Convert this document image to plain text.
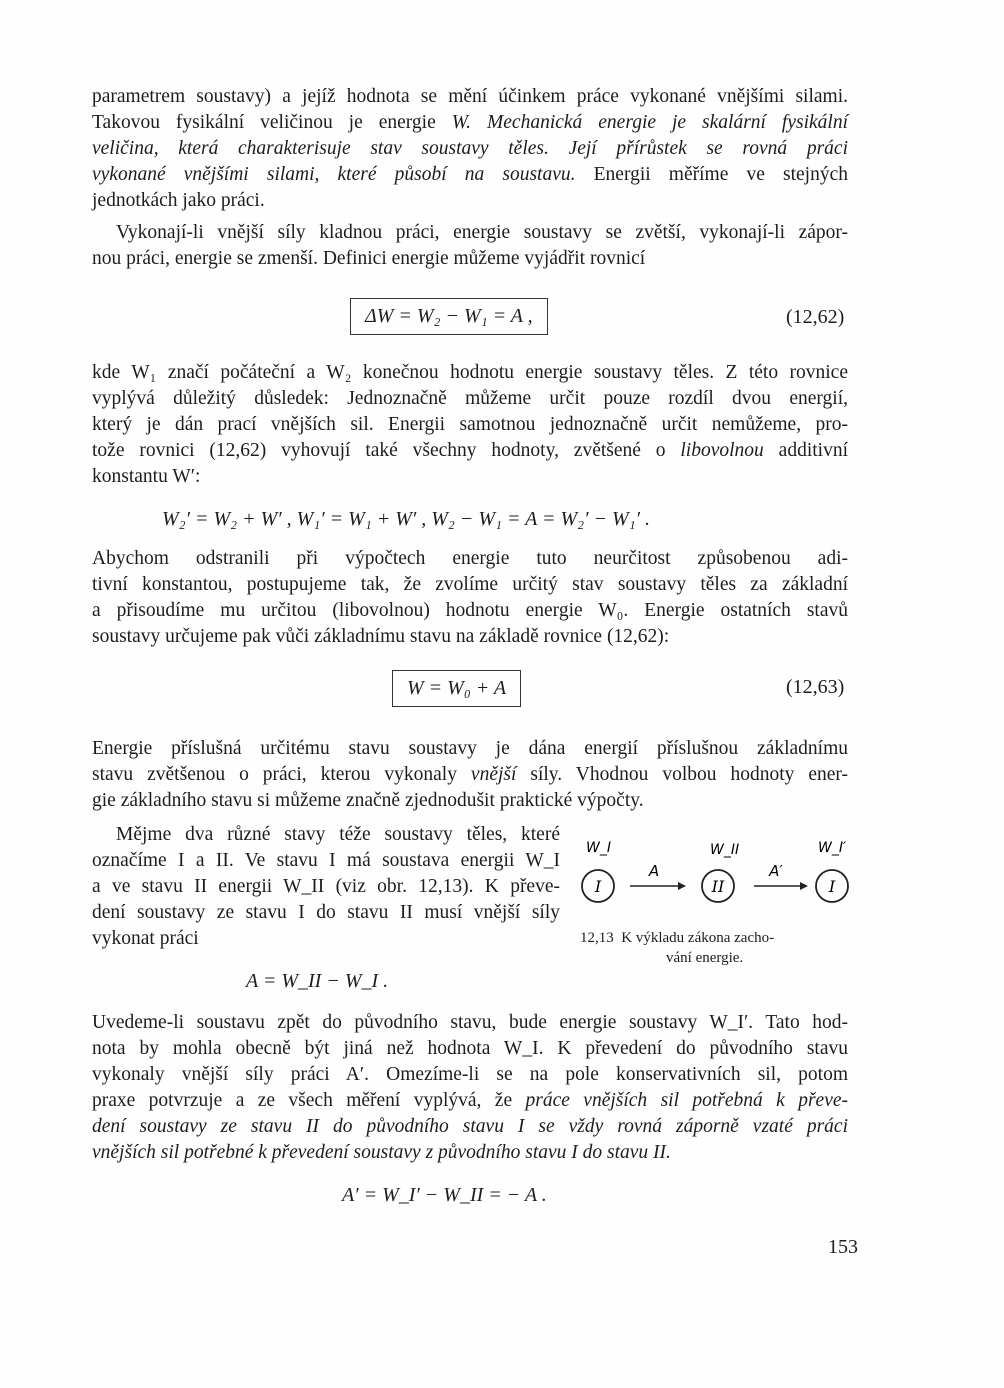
parametrem soustavy) a jejíž hodnota se mění účinkem práce vykonané vnějšími silami.
Takovou fysikální veličinou je energie W. Mechanická energie je skalární fysikální
veličina, která charakterisuje stav soustavy těles. Její přírůstek se rovná práci
vykonané vnějšími silami, které působí na soustavu. Energii měříme ve stejných
jednotkách jako práci.
Vykonají-li vnější síly kladnou práci, energie soustavy se zvětší, vykonají-li zápor-
nou práci, energie se zmenší. Definici energie můžeme vyjádřit rovnicí
ΔW = W₂ − W₁ = A ,	(12,62)
kde W₁ značí počáteční a W₂ konečnou hodnotu energie soustavy těles. Z této rovnice
vyplývá důležitý důsledek: Jednoznačně můžeme určit pouze rozdíl dvou energií,
který je dán prací vnějších sil. Energii samotnou jednoznačně určit nemůžeme, pro-
tože rovnici (12,62) vyhovují také všechny hodnoty, zvětšené o libovolnou additivní
konstantu W′:
W₂′ = W₂ + W′ , W₁′ = W₁ + W′ , W₂ − W₁ = A = W₂′ − W₁′ .
Abychom odstranili při výpočtech energie tuto neurčitost způsobenou adi-
tivní konstantou, postupujeme tak, že zvolíme určitý stav soustavy těles za základní
a přisoudíme mu určitou (libovolnou) hodnotu energie W₀. Energie ostatních stavů
soustavy určujeme pak vůči základnímu stavu na základě rovnice (12,62):
W = W₀ + A	(12,63)
Energie příslušná určitému stavu soustavy je dána energií příslušnou základnímu
stavu zvětšenou o práci, kterou vykonaly vnější síly. Vhodnou volbou hodnoty ener-
gie základního stavu si můžeme značně zjednodušit praktické výpočty.
Mějme dva různé stavy téže soustavy těles, které
označíme I a II. Ve stavu I má soustava energii W_I
a ve stavu II energii W_II (viz obr. 12,13). K převe-
dení soustavy ze stavu I do stavu II musí vnější síly
vykonat práci
W_I	W_II	W_I′
I
A
II
A′
I
12,13 K výkladu zákona zacho-
vání energie.
A = W_II − W_I .
Uvedeme-li soustavu zpět do původního stavu, bude energie soustavy W_I′. Tato hod-
nota by mohla obecně být jiná než hodnota W_I. K převedení do původního stavu
vykonaly vnější síly práci A′. Omezíme-li se na pole konservativních sil, potom
praxe potvrzuje a ze všech měření vyplývá, že práce vnějších sil potřebná k převe-
dení soustavy ze stavu II do původního stavu I se vždy rovná záporně vzaté práci
vnějších sil potřebné k převedení soustavy z původního stavu I do stavu II.
A′ = W_I′ − W_II = − A .
153
